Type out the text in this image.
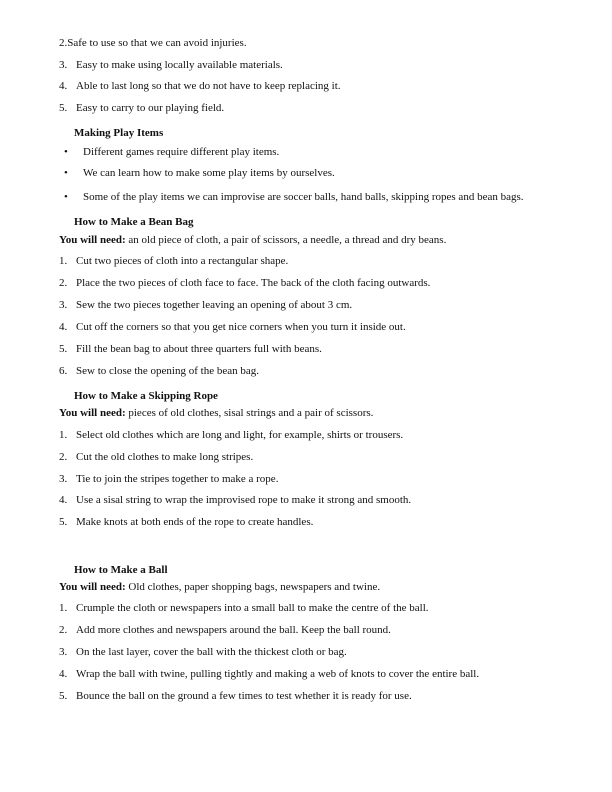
2.Safe to use so that we can avoid injuries.
3. Easy to make using locally available materials.
4. Able to last long so that we do not have to keep replacing it.
5. Easy to carry to our playing field.
Making Play Items
• Different games require different play items.
• We can learn how to make some play items by ourselves.
• Some of the play items we can improvise are soccer balls, hand balls, skipping ropes and bean bags.
How to Make a Bean Bag
You will need: an old piece of cloth, a pair of scissors, a needle, a thread and dry beans.
1. Cut two pieces of cloth into a rectangular shape.
2. Place the two pieces of cloth face to face. The back of the cloth facing outwards.
3. Sew the two pieces together leaving an opening of about 3 cm.
4. Cut off the corners so that you get nice corners when you turn it inside out.
5. Fill the bean bag to about three quarters full with beans.
6. Sew to close the opening of the bean bag.
How to Make a Skipping Rope
You will need: pieces of old clothes, sisal strings and a pair of scissors.
1. Select old clothes which are long and light, for example, shirts or trousers.
2. Cut the old clothes to make long stripes.
3. Tie to join the stripes together to make a rope.
4. Use a sisal string to wrap the improvised rope to make it strong and smooth.
5. Make knots at both ends of the rope to create handles.
How to Make a Ball
You will need: Old clothes, paper shopping bags, newspapers and twine.
1. Crumple the cloth or newspapers into a small ball to make the centre of the ball.
2. Add more clothes and newspapers around the ball. Keep the ball round.
3. On the last layer, cover the ball with the thickest cloth or bag.
4. Wrap the ball with twine, pulling tightly and making a web of knots to cover the entire ball.
5. Bounce the ball on the ground a few times to test whether it is ready for use.
